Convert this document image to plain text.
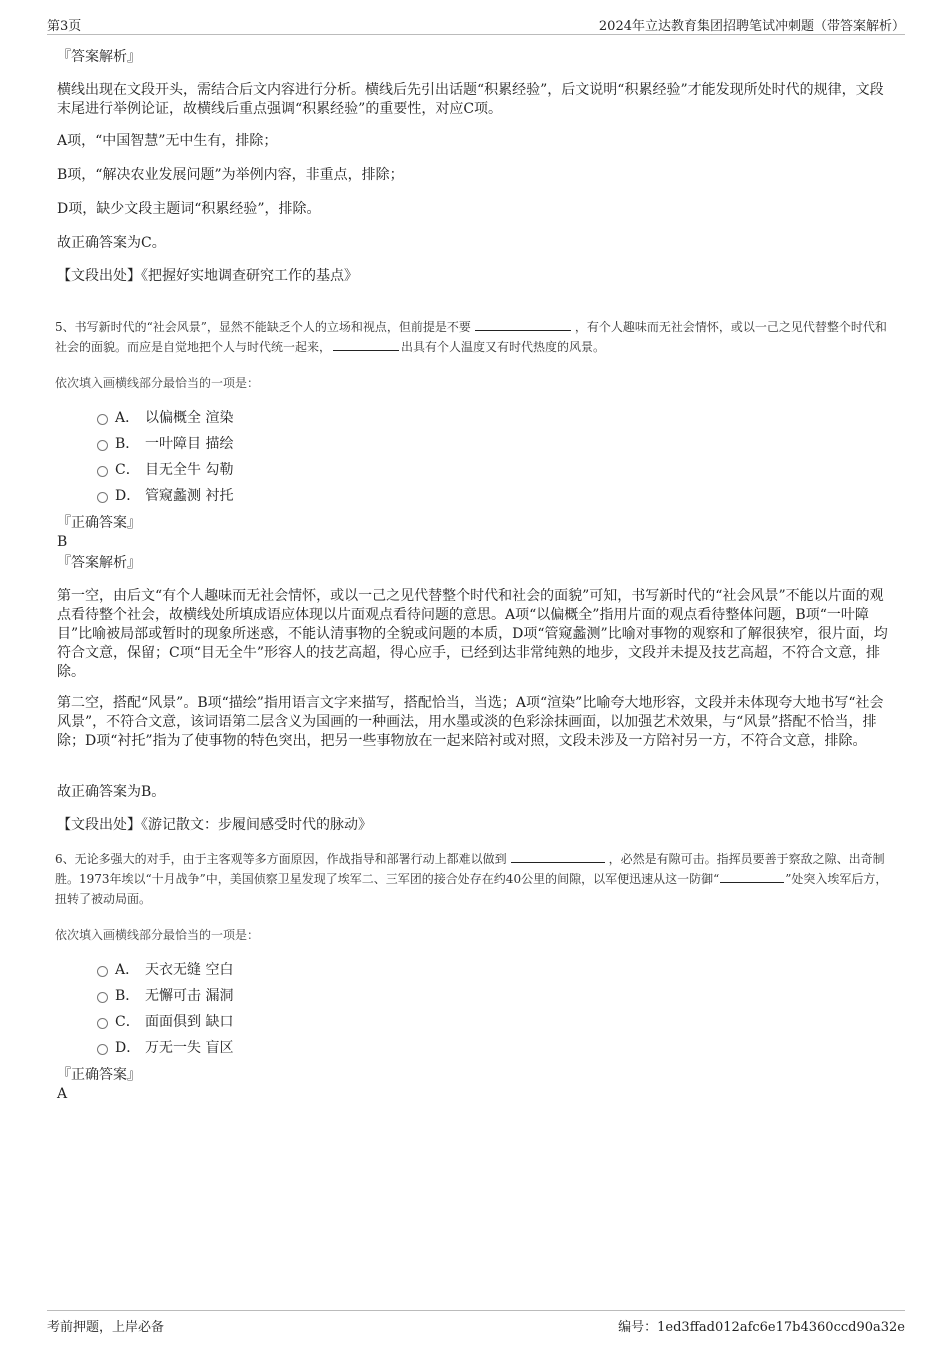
第3页	2024年立达教育集团招聘笔试冲刺题（带答案解析）

『答案解析』

横线出现在文段开头，需结合后文内容进行分析。横线后先引出话题“积累经验”，后文说明“积累经验”才能发现所处时代的规律，文段末尾进行举例论证，故横线后重点强调“积累经验”的重要性，对应C项。

A项，“中国智慧”无中生有，排除；

B项，“解决农业发展问题”为举例内容，非重点，排除；

D项，缺少文段主题词“积累经验”，排除。

故正确答案为C。

【文段出处】《把握好实地调查研究工作的基点》

5、书写新时代的“社会风景”，显然不能缺乏个人的立场和视点，但前提是不要	，有个人趣味而无社会情怀，或以一己之见代替整个时代和社会的面貌。而应是自觉地把个人与时代统一起来，	出具有个人温度又有时代热度的风景。

依次填入画横线部分最恰当的一项是：
A． 以偏概全 渲染
B． 一叶障目 描绘
C． 目无全牛 勾勒
D． 管窥蠡测 衬托

『正确答案』

B

『答案解析』

第一空，由后文“有个人趣味而无社会情怀，或以一己之见代替整个时代和社会的面貌”可知，书写新时代的“社会风景”不能以片面的观点看待整个社会，故横线处所填成语应体现以片面观点看待问题的意思。A项“以偏概全”指用片面的观点看待整体问题，B项“一叶障目”比喻被局部或暂时的现象所迷惑，不能认清事物的全貌或问题的本质，D项“管窥蠡测”比喻对事物的观察和了解很狭窄，很片面，均符合文意，保留；C项“目无全牛”形容人的技艺高超，得心应手，已经到达非常纯熟的地步，文段并未提及技艺高超，不符合文意，排除。

第二空，搭配“风景”。B项“描绘”指用语言文字来描写，搭配恰当，当选；A项“渲染”比喻夸大地形容，文段并未体现夸大地书写“社会风景”，不符合文意，该词语第二层含义为国画的一种画法，用水墨或淡的色彩涂抹画面，以加强艺术效果，与“风景”搭配不恰当，排除；D项“衬托”指为了使事物的特色突出，把另一些事物放在一起来陪衬或对照，文段未涉及一方陪衬另一方，不符合文意，排除。

故正确答案为B。

【文段出处】《游记散文：步履间感受时代的脉动》

6、无论多强大的对手，由于主客观等多方面原因，作战指导和部署行动上都难以做到	，必然是有隙可击。指挥员要善于察敌之隙、出奇制胜。1973年埃以“十月战争”中，美国侦察卫星发现了埃军二、三军团的接合处存在约40公里的间隙，以军便迅速从这一防御“	”处突入埃军后方，扭转了被动局面。

依次填入画横线部分最恰当的一项是：
A． 天衣无缝 空白
B． 无懈可击 漏洞
C． 面面俱到 缺口
D． 万无一失 盲区

『正确答案』

A

考前押题，上岸必备	编号：1ed3ffad012afc6e17b4360ccd90a32e
